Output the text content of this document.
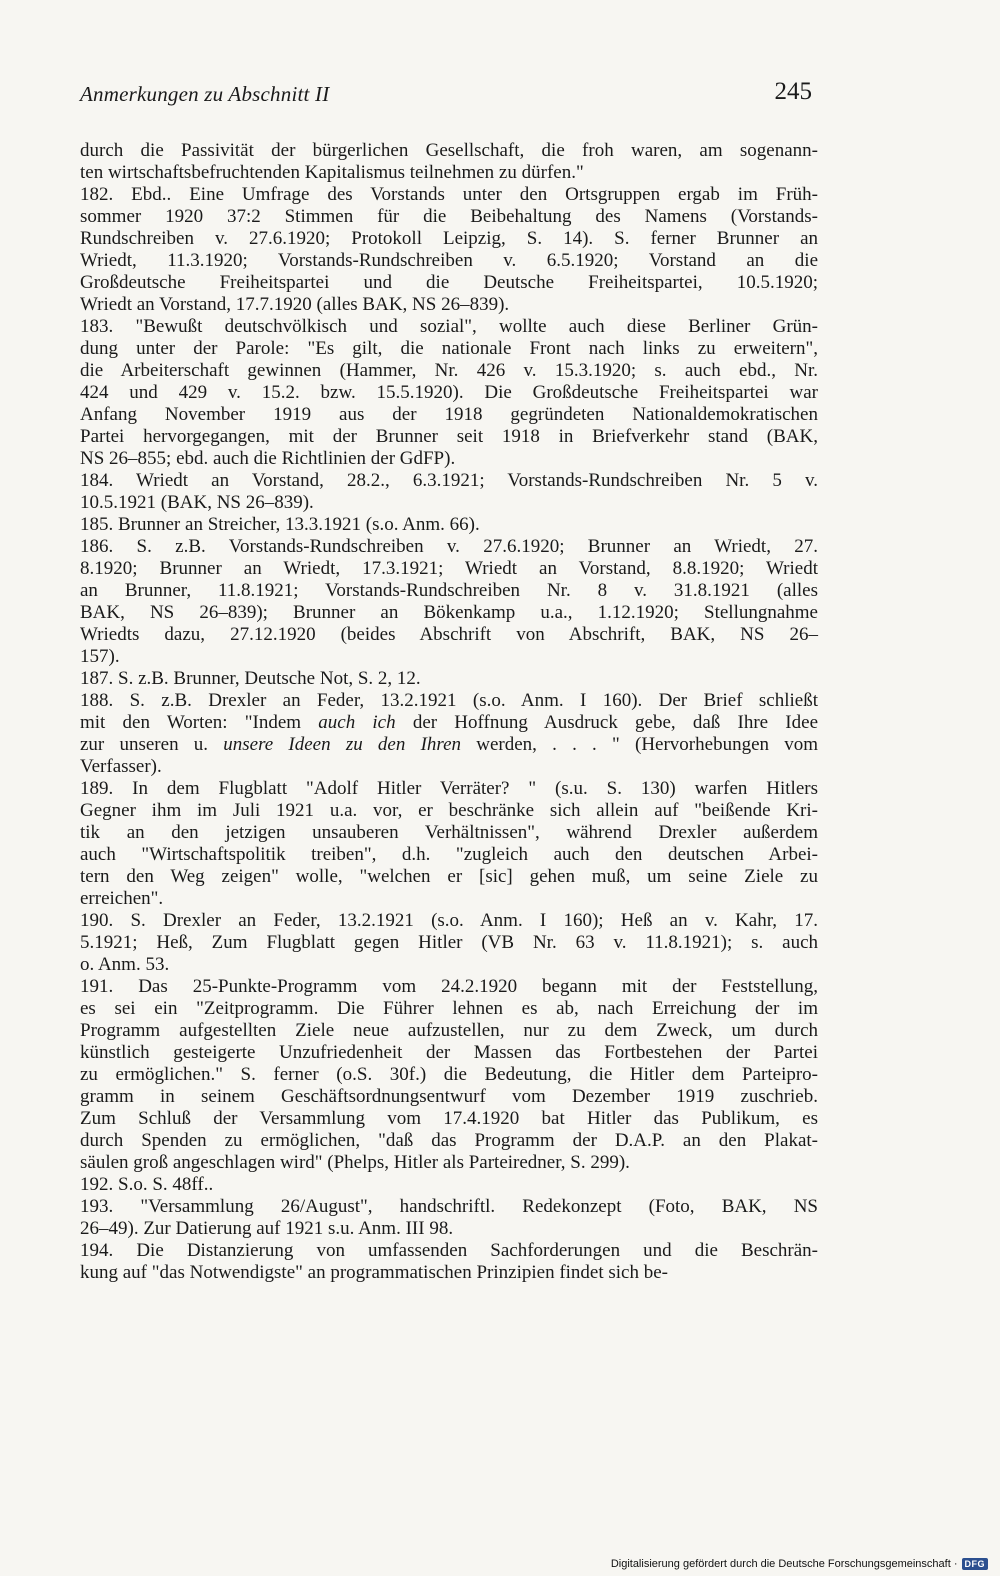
Anmerkungen zu Abschnitt II	245
durch die Passivität der bürgerlichen Gesellschaft, die froh waren, am sogenann-
ten wirtschaftsbefruchtenden Kapitalismus teilnehmen zu dürfen."
182. Ebd.. Eine Umfrage des Vorstands unter den Ortsgruppen ergab im Früh-
sommer 1920 37:2 Stimmen für die Beibehaltung des Namens (Vorstands-
Rundschreiben v. 27.6.1920; Protokoll Leipzig, S. 14). S. ferner Brunner an
Wriedt, 11.3.1920; Vorstands-Rundschreiben v. 6.5.1920; Vorstand an die
Großdeutsche Freiheitspartei und die Deutsche Freiheitspartei, 10.5.1920;
Wriedt an Vorstand, 17.7.1920 (alles BAK, NS 26–839).
183. "Bewußt deutschvölkisch und sozial", wollte auch diese Berliner Grün-
dung unter der Parole: "Es gilt, die nationale Front nach links zu erweitern",
die Arbeiterschaft gewinnen (Hammer, Nr. 426 v. 15.3.1920; s. auch ebd., Nr.
424 und 429 v. 15.2. bzw. 15.5.1920). Die Großdeutsche Freiheitspartei war
Anfang November 1919 aus der 1918 gegründeten Nationaldemokratischen
Partei hervorgegangen, mit der Brunner seit 1918 in Briefverkehr stand (BAK,
NS 26–855; ebd. auch die Richtlinien der GdFP).
184. Wriedt an Vorstand, 28.2., 6.3.1921; Vorstands-Rundschreiben Nr. 5 v.
10.5.1921 (BAK, NS 26–839).
185. Brunner an Streicher, 13.3.1921 (s.o. Anm. 66).
186. S. z.B. Vorstands-Rundschreiben v. 27.6.1920; Brunner an Wriedt, 27.
8.1920; Brunner an Wriedt, 17.3.1921; Wriedt an Vorstand, 8.8.1920; Wriedt
an Brunner, 11.8.1921; Vorstands-Rundschreiben Nr. 8 v. 31.8.1921 (alles
BAK, NS 26–839); Brunner an Bökenkamp u.a., 1.12.1920; Stellungnahme
Wriedts dazu, 27.12.1920 (beides Abschrift von Abschrift, BAK, NS 26–
157).
187. S. z.B. Brunner, Deutsche Not, S. 2, 12.
188. S. z.B. Drexler an Feder, 13.2.1921 (s.o. Anm. I 160). Der Brief schließt
mit den Worten: "Indem auch ich der Hoffnung Ausdruck gebe, daß Ihre Idee
zur unseren u. unsere Ideen zu den Ihren werden, . . . " (Hervorhebungen vom
Verfasser).
189. In dem Flugblatt "Adolf Hitler Verräter? " (s.u. S. 130) warfen Hitlers
Gegner ihm im Juli 1921 u.a. vor, er beschränke sich allein auf "beißende Kri-
tik an den jetzigen unsauberen Verhältnissen", während Drexler außerdem
auch "Wirtschaftspolitik treiben", d.h. "zugleich auch den deutschen Arbei-
tern den Weg zeigen" wolle, "welchen er [sic] gehen muß, um seine Ziele zu
erreichen".
190. S. Drexler an Feder, 13.2.1921 (s.o. Anm. I 160); Heß an v. Kahr, 17.
5.1921; Heß, Zum Flugblatt gegen Hitler (VB Nr. 63 v. 11.8.1921); s. auch
o. Anm. 53.
191. Das 25-Punkte-Programm vom 24.2.1920 begann mit der Feststellung,
es sei ein "Zeitprogramm. Die Führer lehnen es ab, nach Erreichung der im
Programm aufgestellten Ziele neue aufzustellen, nur zu dem Zweck, um durch
künstlich gesteigerte Unzufriedenheit der Massen das Fortbestehen der Partei
zu ermöglichen." S. ferner (o.S. 30f.) die Bedeutung, die Hitler dem Parteipro-
gramm in seinem Geschäftsordnungsentwurf vom Dezember 1919 zuschrieb.
Zum Schluß der Versammlung vom 17.4.1920 bat Hitler das Publikum, es
durch Spenden zu ermöglichen, "daß das Programm der D.A.P. an den Plakat-
säulen groß angeschlagen wird" (Phelps, Hitler als Parteiredner, S. 299).
192. S.o. S. 48ff..
193. "Versammlung 26/August", handschriftl. Redekonzept (Foto, BAK, NS
26–49). Zur Datierung auf 1921 s.u. Anm. III 98.
194. Die Distanzierung von umfassenden Sachforderungen und die Beschrän-
kung auf "das Notwendigste" an programmatischen Prinzipien findet sich be-
Digitalisierung gefördert durch die Deutsche Forschungsgemeinschaft · DFG
